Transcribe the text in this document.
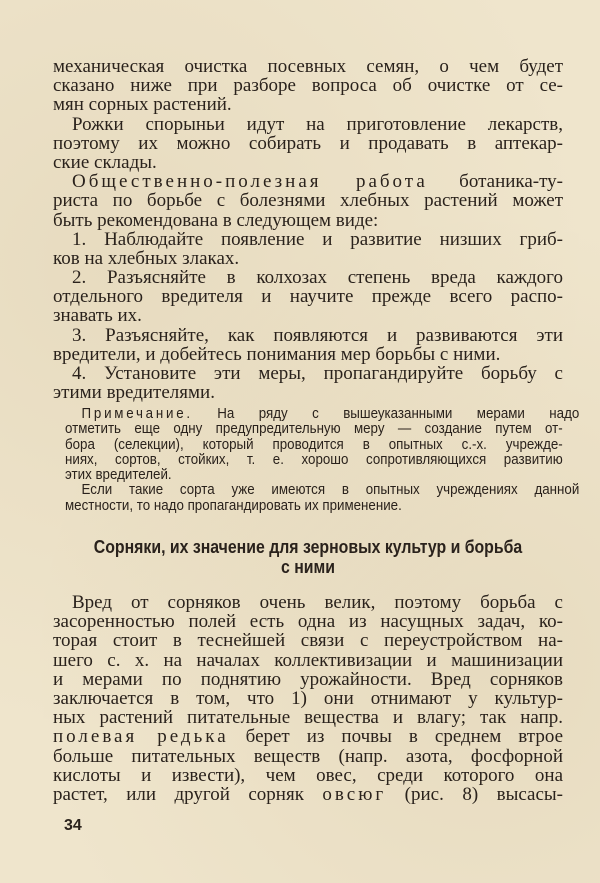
механическая очистка посевных семян, о чем будет
сказано ниже при разборе вопроса об очистке от се-
мян сорных растений.
Рожки спорыньи идут на приготовление лекарств,
поэтому их можно собирать и продавать в аптекар-
ские склады.
Общественно-полезная работа ботаника-ту-
риста по борьбе с болезнями хлебных растений может
быть рекомендована в следующем виде:
1. Наблюдайте появление и развитие низших гриб-
ков на хлебных злаках.
2. Разъясняйте в колхозах степень вреда каждого
отдельного вредителя и научите прежде всего распо-
знавать их.
3. Разъясняйте, как появляются и развиваются эти
вредители, и добейтесь понимания мер борьбы с ними.
4. Установите эти меры, пропагандируйте борьбу с
этими вредителями.
Примечание. На ряду с вышеуказанными мерами надо
отметить еще одну предупредительную меру — создание путем от-
бора (селекции), который проводится в опытных с.-х. учрежде-
ниях, сортов, стойких, т. е. хорошо сопротивляющихся развитию
этих вредителей.
Если такие сорта уже имеются в опытных учреждениях данной
местности, то надо пропагандировать их применение.
Сорняки, их значение для зерновых культур и борьба
с ними
Вред от сорняков очень велик, поэтому борьба с
засоренностью полей есть одна из насущных задач, ко-
торая стоит в теснейшей связи с переустройством на-
шего с. х. на началах коллективизации и машинизации
и мерами по поднятию урожайности. Вред сорняков
заключается в том, что 1) они отнимают у культур-
ных растений питательные вещества и влагу; так напр.
полевая редька берет из почвы в среднем втрое
больше питательных веществ (напр. азота, фосфорной
кислоты и извести), чем овес, среди которого она
растет, или другой сорняк овсюг (рис. 8) высасы-
34
